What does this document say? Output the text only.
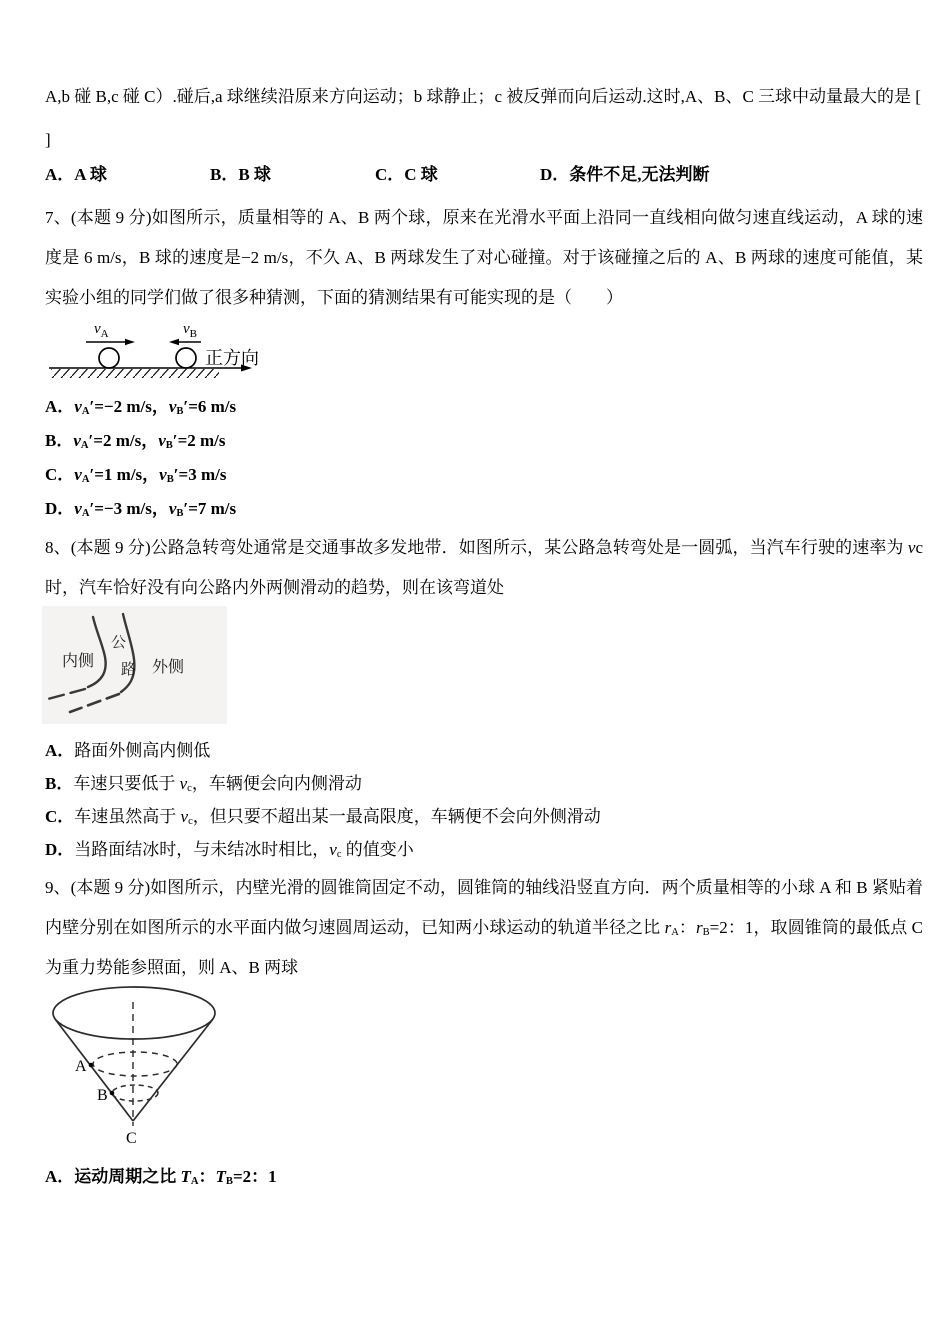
A,b 碰 B,c 碰 C）.碰后,a 球继续沿原来方向运动；b 球静止；c 被反弹而向后运动.这时,A、B、C 三球中动量最大的是 [
]
A．A 球	B．B 球	C．C 球	D．条件不足,无法判断
7、(本题 9 分)如图所示，质量相等的 A、B 两个球，原来在光滑水平面上沿同一直线相向做匀速直线运动，A 球的速度是 6 m/s，B 球的速度是−2 m/s，不久 A、B 两球发生了对心碰撞。对于该碰撞之后的 A、B 两球的速度可能值，某实验小组的同学们做了很多种猜测，下面的猜测结果有可能实现的是（　　）
$v_A$	$v_B$
正方向
A．$v_A'=-2$ m/s，$v_B'=6$ m/s
B．$v_A'=2$ m/s，$v_B'=2$ m/s
C．$v_A'=1$ m/s，$v_B'=3$ m/s
D．$v_A'=-3$ m/s，$v_B'=7$ m/s
8、(本题 9 分)公路急转弯处通常是交通事故多发地带．如图所示，某公路急转弯处是一圆弧，当汽车行驶的速率为 vc 时，汽车恰好没有向公路内外两侧滑动的趋势，则在该弯道处
内侧
公
路 外侧
A．路面外侧高内侧低
B．车速只要低于 $v_c$，车辆便会向内侧滑动
C．车速虽然高于 $v_c$，但只要不超出某一最高限度，车辆便不会向外侧滑动
D．当路面结冰时，与未结冰时相比，$v_c$ 的值变小
9、(本题 9 分)如图所示，内壁光滑的圆锥筒固定不动，圆锥筒的轴线沿竖直方向．两个质量相等的小球 A 和 B 紧贴着内壁分别在如图所示的水平面内做匀速圆周运动，已知两小球运动的轨道半径之比 $r_A$：$r_B=2$：1，取圆锥筒的最低点 C 为重力势能参照面，则 A、B 两球
A
B
C
A．运动周期之比 $T_A$：$T_B=2$：1
